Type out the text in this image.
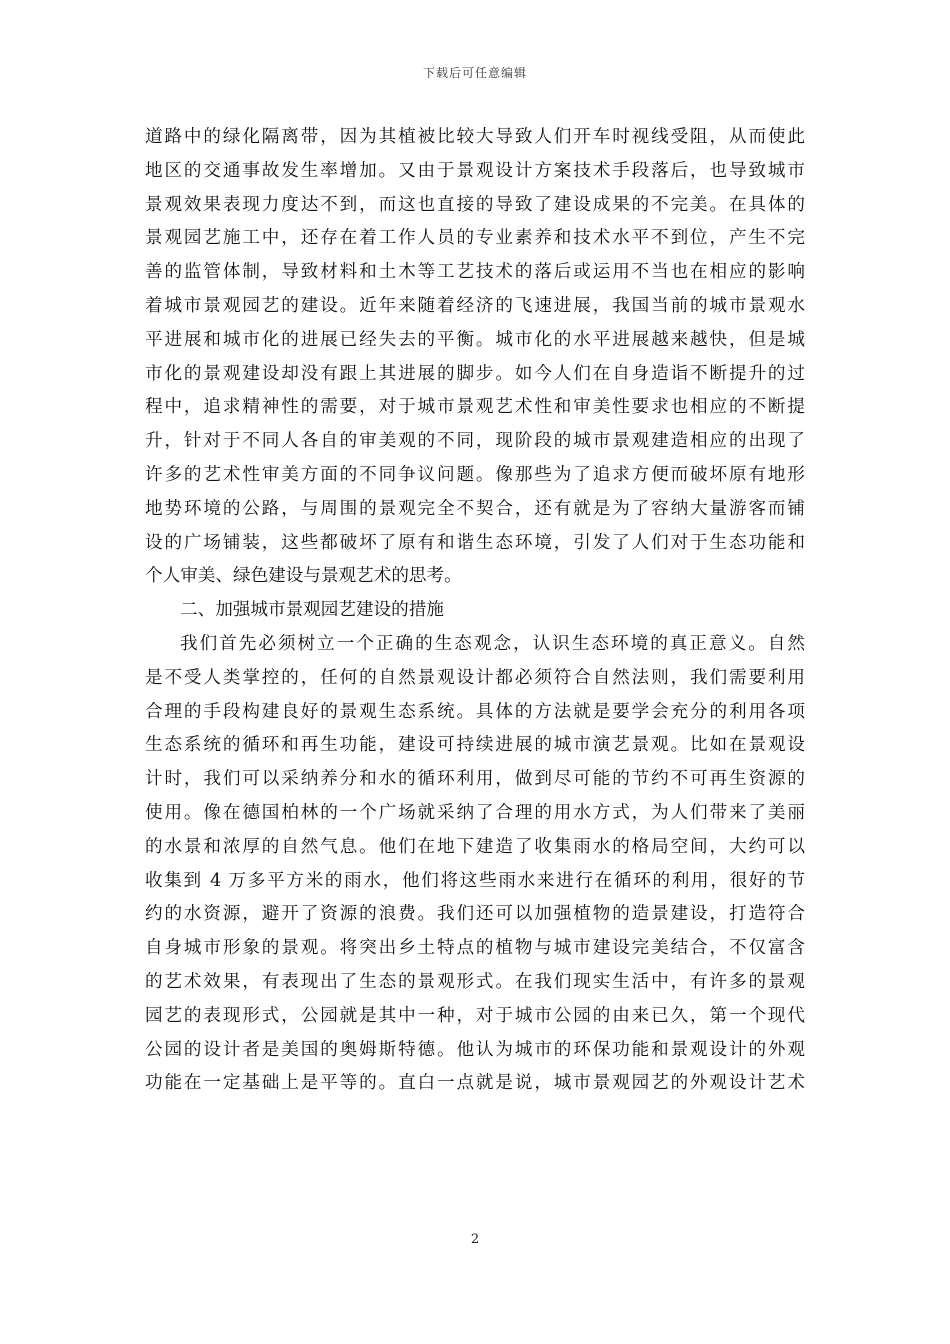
下载后可任意编辑
道路中的绿化隔离带，因为其植被比较大导致人们开车时视线受阻，从而使此
地区的交通事故发生率增加。又由于景观设计方案技术手段落后，也导致城市
景观效果表现力度达不到，而这也直接的导致了建设成果的不完美。在具体的
景观园艺施工中，还存在着工作人员的专业素养和技术水平不到位，产生不完
善的监管体制，导致材料和土木等工艺技术的落后或运用不当也在相应的影响
着城市景观园艺的建设。近年来随着经济的飞速进展，我国当前的城市景观水
平进展和城市化的进展已经失去的平衡。城市化的水平进展越来越快，但是城
市化的景观建设却没有跟上其进展的脚步。如今人们在自身造诣不断提升的过
程中，追求精神性的需要，对于城市景观艺术性和审美性要求也相应的不断提
升，针对于不同人各自的审美观的不同，现阶段的城市景观建造相应的出现了
许多的艺术性审美方面的不同争议问题。像那些为了追求方便而破坏原有地形
地势环境的公路，与周围的景观完全不契合，还有就是为了容纳大量游客而铺
设的广场铺装，这些都破坏了原有和谐生态环境，引发了人们对于生态功能和
个人审美、绿色建设与景观艺术的思考。
二、加强城市景观园艺建设的措施
我们首先必须树立一个正确的生态观念，认识生态环境的真正意义。自然
是不受人类掌控的，任何的自然景观设计都必须符合自然法则，我们需要利用
合理的手段构建良好的景观生态系统。具体的方法就是要学会充分的利用各项
生态系统的循环和再生功能，建设可持续进展的城市演艺景观。比如在景观设
计时，我们可以采纳养分和水的循环利用，做到尽可能的节约不可再生资源的
使用。像在德国柏林的一个广场就采纳了合理的用水方式，为人们带来了美丽
的水景和浓厚的自然气息。他们在地下建造了收集雨水的格局空间，大约可以
收集到 4 万多平方米的雨水，他们将这些雨水来进行在循环的利用，很好的节
约的水资源，避开了资源的浪费。我们还可以加强植物的造景建设，打造符合
自身城市形象的景观。将突出乡土特点的植物与城市建设完美结合，不仅富含
的艺术效果，有表现出了生态的景观形式。在我们现实生活中，有许多的景观
园艺的表现形式，公园就是其中一种，对于城市公园的由来已久，第一个现代
公园的设计者是美国的奥姆斯特德。他认为城市的环保功能和景观设计的外观
功能在一定基础上是平等的。直白一点就是说，城市景观园艺的外观设计艺术
2
